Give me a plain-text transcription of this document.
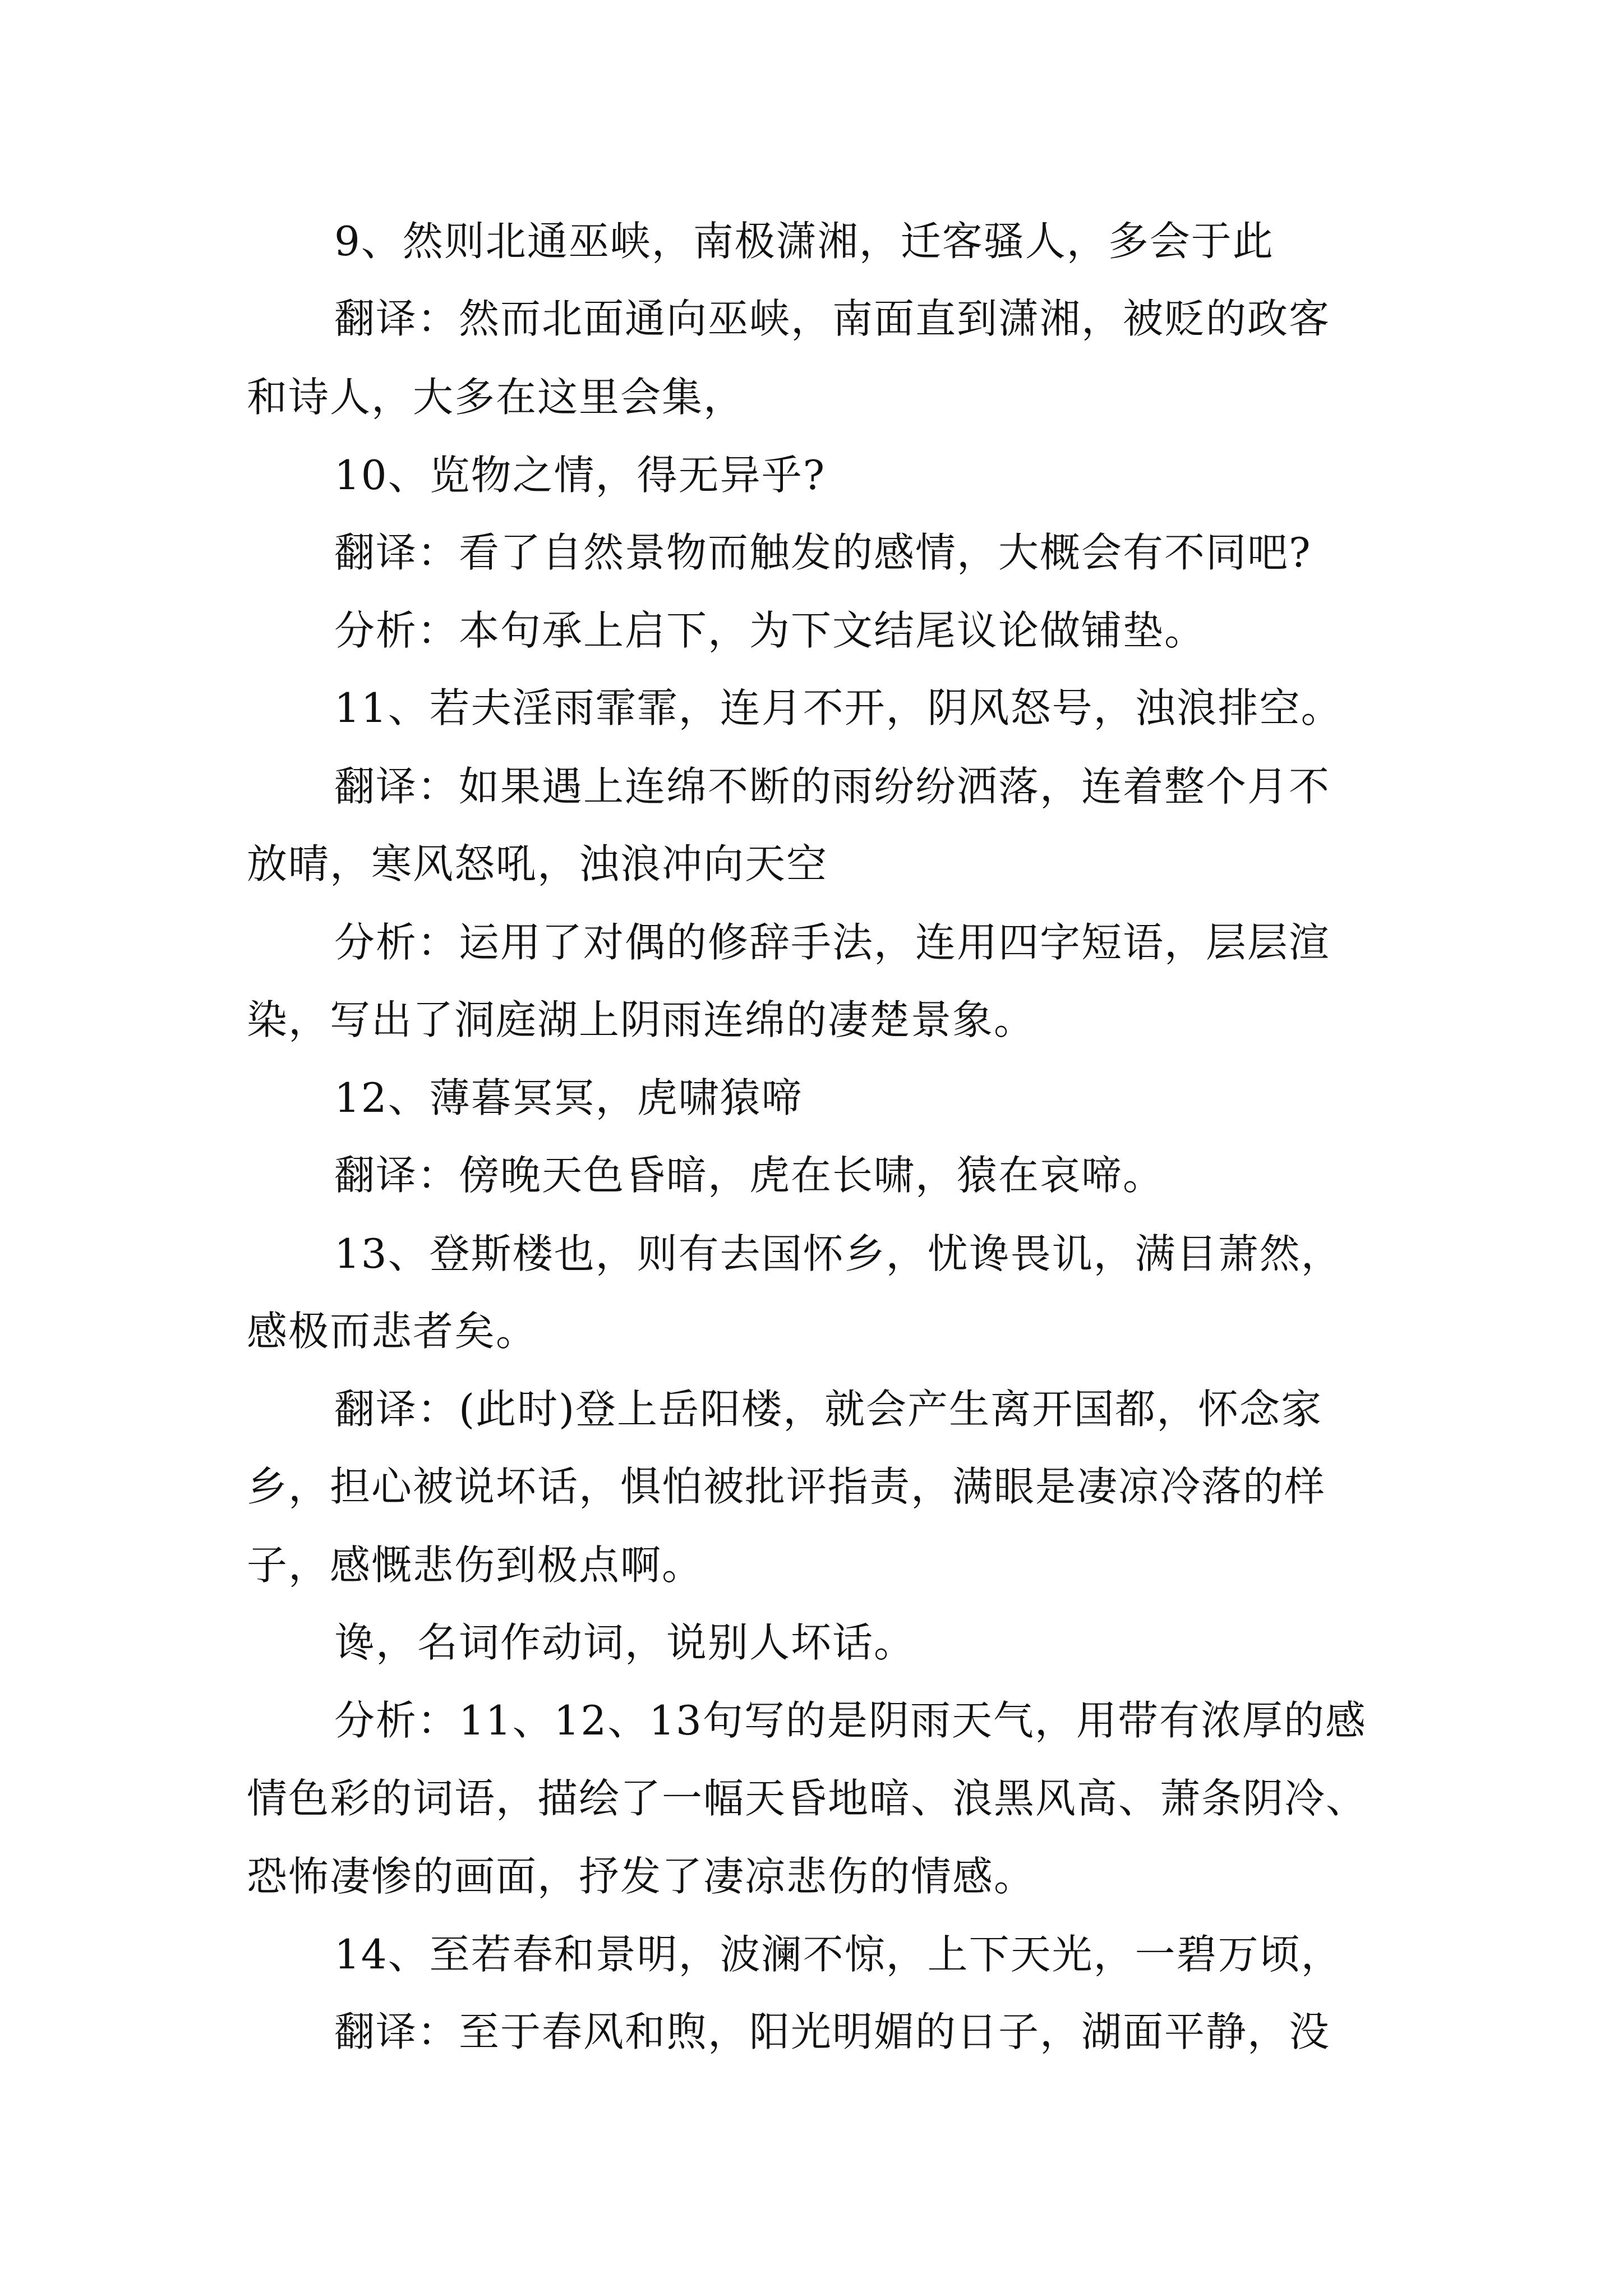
9、然则北通巫峡，南极潇湘，迁客骚人，多会于此
翻译：然而北面通向巫峡，南面直到潇湘，被贬的政客
和诗人，大多在这里会集，
10、览物之情，得无异乎?
翻译：看了自然景物而触发的感情，大概会有不同吧?
分析：本句承上启下，为下文结尾议论做铺垫。
11、若夫淫雨霏霏，连月不开，阴风怒号，浊浪排空。
翻译：如果遇上连绵不断的雨纷纷洒落，连着整个月不
放晴，寒风怒吼，浊浪冲向天空
分析：运用了对偶的修辞手法，连用四字短语，层层渲
染，写出了洞庭湖上阴雨连绵的凄楚景象。
12、薄暮冥冥，虎啸猿啼
翻译：傍晚天色昏暗，虎在长啸，猿在哀啼。
13、登斯楼也，则有去国怀乡，忧谗畏讥，满目萧然，
感极而悲者矣。
翻译：(此时)登上岳阳楼，就会产生离开国都，怀念家
乡，担心被说坏话，惧怕被批评指责，满眼是凄凉冷落的样
子，感慨悲伤到极点啊。
谗，名词作动词，说别人坏话。
分析：11、12、13句写的是阴雨天气，用带有浓厚的感
情色彩的词语，描绘了一幅天昏地暗、浪黑风高、萧条阴冷、
恐怖凄惨的画面，抒发了凄凉悲伤的情感。
14、至若春和景明，波澜不惊，上下天光，一碧万顷，
翻译：至于春风和煦，阳光明媚的日子，湖面平静，没
